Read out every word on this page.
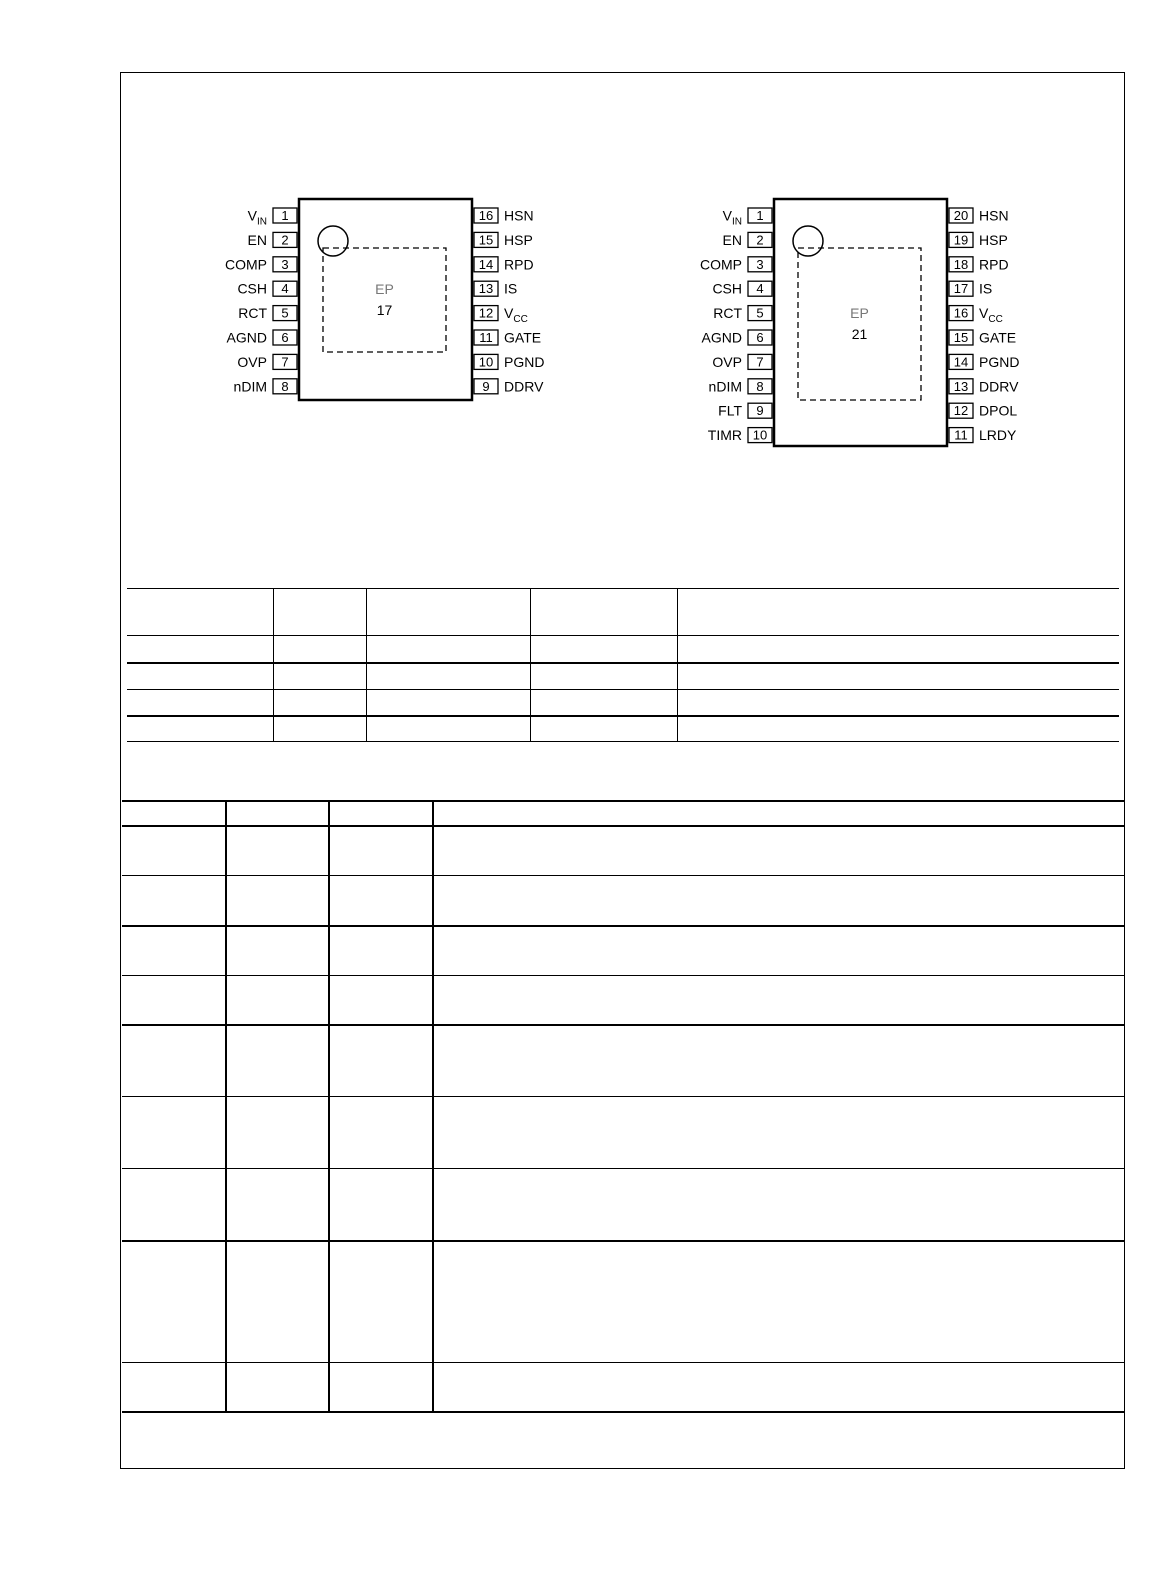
EP
17
1
$V_{IN}$
2
EN
3
COMP
4
CSH
5
RCT
6
AGND
7
OVP
8
nDIM
16 HSN
15 HSP
14 RPD
13 IS
12 $V_{CC}$
11 GATE
10 PGND
9 DDRV
EP
21
1
$V_{IN}$
2
EN
3
COMP
4
CSH
5
RCT
6
AGND
7
OVP
8
nDIM
9
FLT
10
TIMR
20 HSN
19 HSP
18 RPD
17 IS
16 $V_{CC}$
15 GATE
14 PGND
13 DDRV
12 DPOL
11 LRDY
